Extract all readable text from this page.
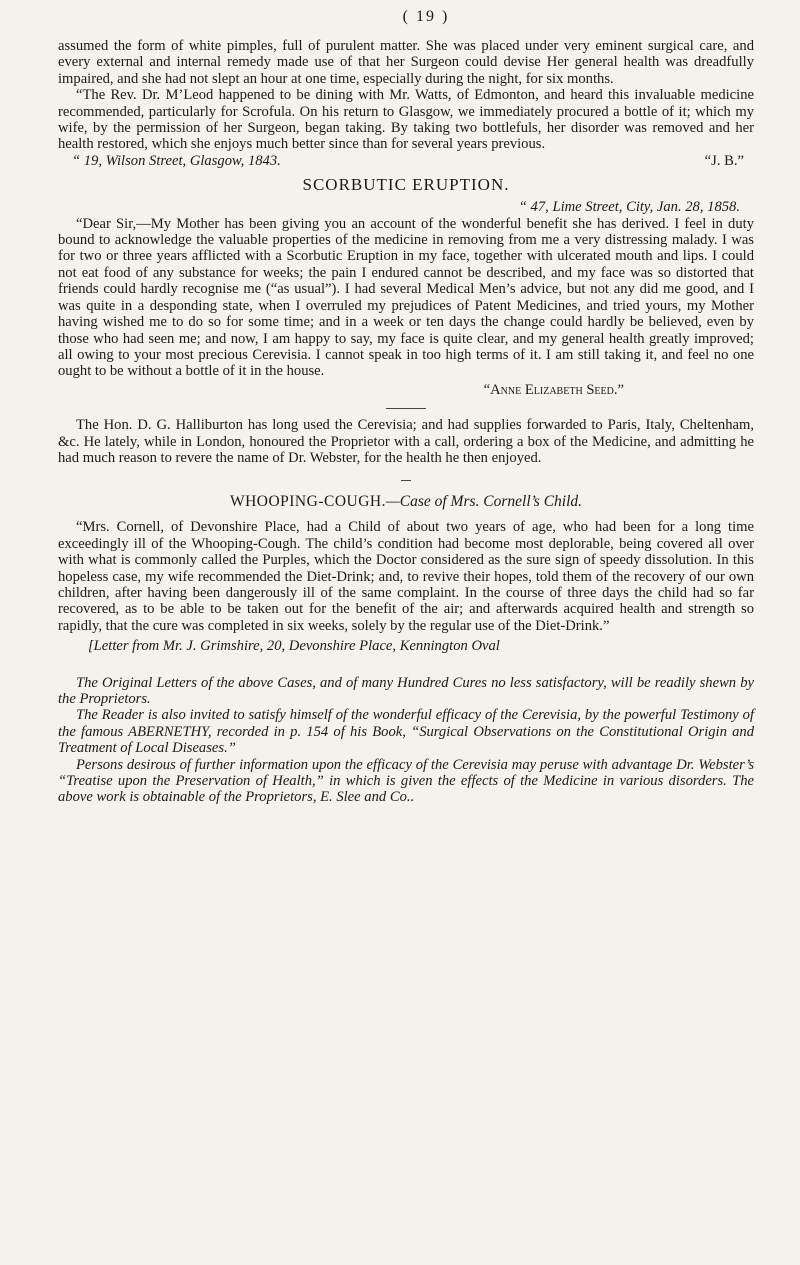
( 19 )

assumed the form of white pimples, full of purulent matter. She was placed under very eminent surgical care, and every external and internal remedy made use of that her Surgeon could devise Her general health was dreadfully impaired, and she had not slept an hour at one time, especially during the night, for six months.

“The Rev. Dr. M’Leod happened to be dining with Mr. Watts, of Edmonton, and heard this invaluable medicine recommended, particularly for Scrofula. On his return to Glasgow, we immediately procured a bottle of it; which my wife, by the permission of her Surgeon, began taking. By taking two bottlefuls, her disorder was removed and her health restored, which she enjoys much better since than for several years previous.

“ 19, Wilson Street, Glasgow, 1843.	“J. B.”
SCORBUTIC ERUPTION.
“ 47, Lime Street, City, Jan. 28, 1858.

“Dear Sir,—My Mother has been giving you an account of the wonderful benefit she has derived. I feel in duty bound to acknowledge the valuable properties of the medicine in removing from me a very distressing malady. I was for two or three years afflicted with a Scorbutic Eruption in my face, together with ulcerated mouth and lips. I could not eat food of any substance for weeks; the pain I endured cannot be described, and my face was so distorted that friends could hardly recognise me (“as usual”). I had several Medical Men’s advice, but not any did me good, and I was quite in a desponding state, when I overruled my prejudices of Patent Medicines, and tried yours, my Mother having wished me to do so for some time; and in a week or ten days the change could hardly be believed, even by those who had seen me; and now, I am happy to say, my face is quite clear, and my general health greatly improved; all owing to your most precious Cerevisia. I cannot speak in too high terms of it. I am still taking it, and feel no one ought to be without a bottle of it in the house.

“Anne Elizabeth Seed.”

The Hon. D. G. Halliburton has long used the Cerevisia; and had supplies forwarded to Paris, Italy, Cheltenham, &c. He lately, while in London, honoured the Proprietor with a call, ordering a box of the Medicine, and admitting he had much reason to revere the name of Dr. Webster, for the health he then enjoyed.

WHOOPING-COUGH.—Case of Mrs. Cornell’s Child.

“Mrs. Cornell, of Devonshire Place, had a Child of about two years of age, who had been for a long time exceedingly ill of the Whooping-Cough. The child’s condition had become most deplorable, being covered all over with what is commonly called the Purples, which the Doctor considered as the sure sign of speedy dissolution. In this hopeless case, my wife recommended the Diet-Drink; and, to revive their hopes, told them of the recovery of our own children, after having been dangerously ill of the same complaint. In the course of three days the child had so far recovered, as to be able to be taken out for the benefit of the air; and afterwards acquired health and strength so rapidly, that the cure was completed in six weeks, solely by the regular use of the Diet-Drink.”

[Letter from Mr. J. Grimshire, 20, Devonshire Place, Kennington Oval

The Original Letters of the above Cases, and of many Hundred Cures no less satisfactory, will be readily shewn by the Proprietors.

The Reader is also invited to satisfy himself of the wonderful efficacy of the Cerevisia, by the powerful Testimony of the famous ABERNETHY, recorded in p. 154 of his Book, “Surgical Observations on the Constitutional Origin and Treatment of Local Diseases.”

Persons desirous of further information upon the efficacy of the Cerevisia may peruse with advantage Dr. Webster’s “Treatise upon the Preservation of Health,” in which is given the effects of the Medicine in various disorders. The above work is obtainable of the Proprietors, E. Slee and Co..
